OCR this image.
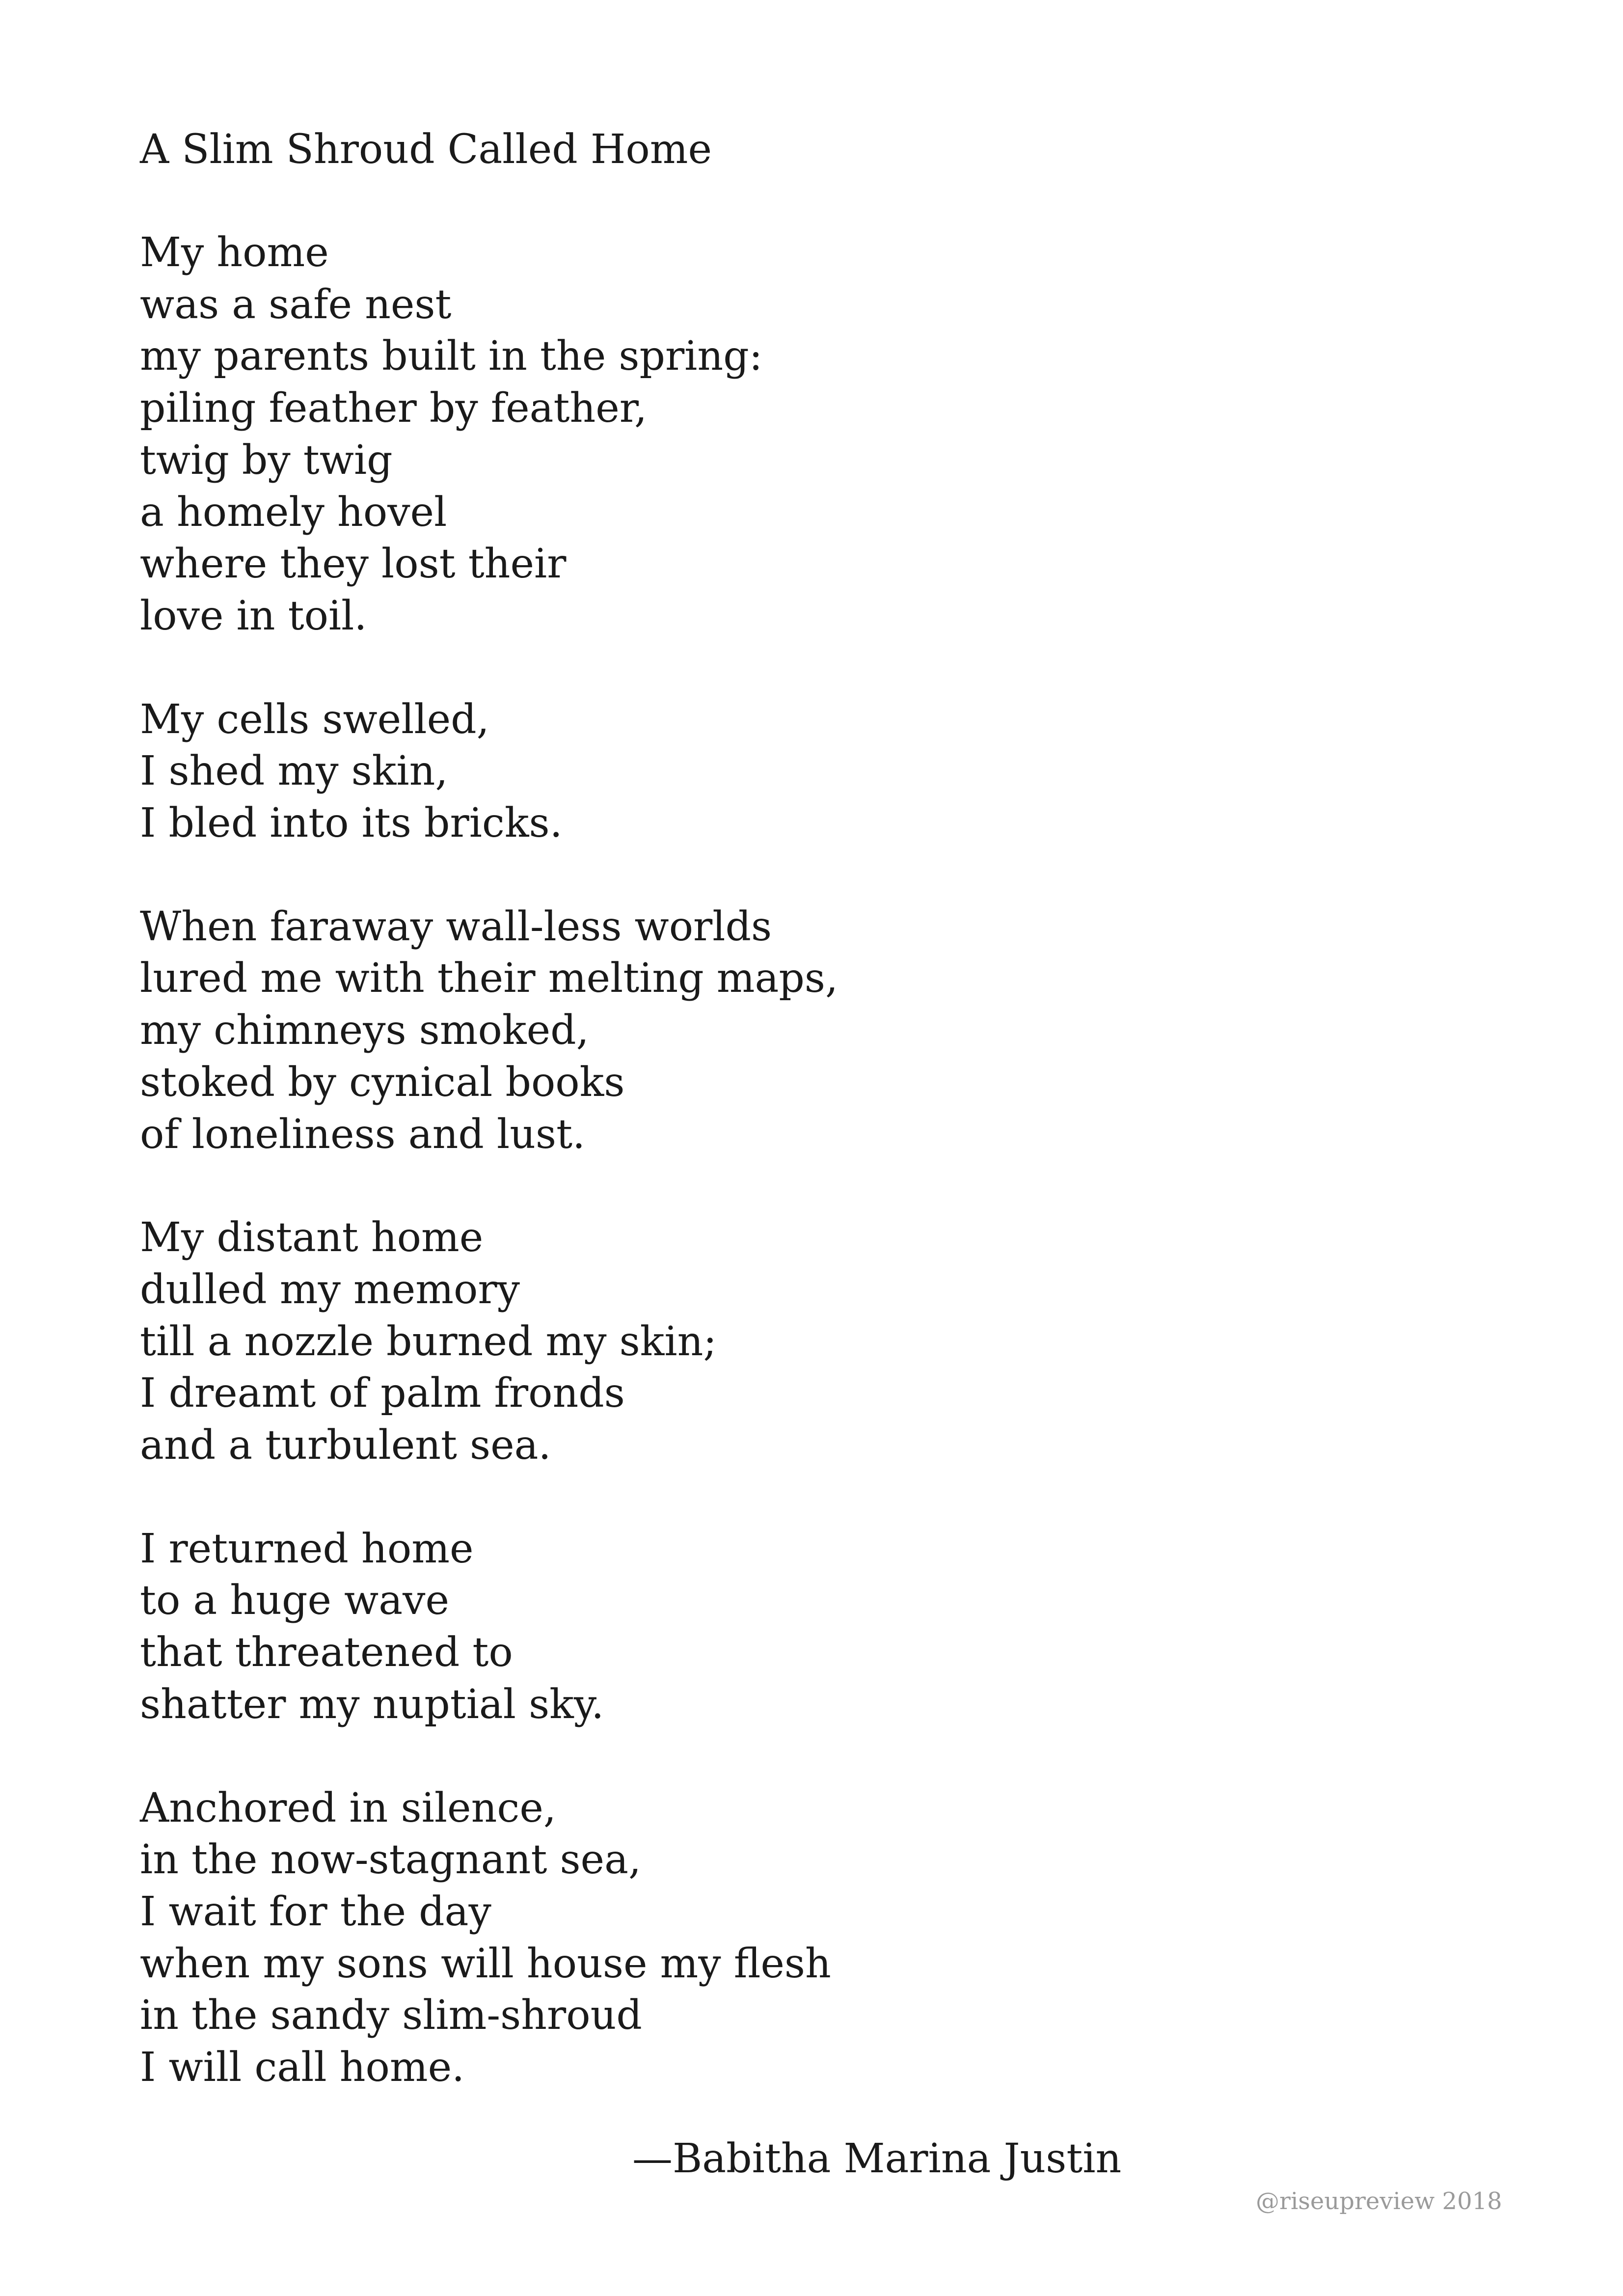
A Slim Shroud Called Home
My home
was a safe nest
my parents built in the spring:
piling feather by feather,
twig by twig
a homely hovel
where they lost their
love in toil.
My cells swelled,
I shed my skin,
I bled into its bricks.
When faraway wall-less worlds
lured me with their melting maps,
my chimneys smoked,
stoked by cynical books
of loneliness and lust.
My distant home
dulled my memory
till a nozzle burned my skin;
I dreamt of palm fronds
and a turbulent sea.
I returned home
to a huge wave
that threatened to
shatter my nuptial sky.
Anchored in silence,
in the now-stagnant sea,
I wait for the day
when my sons will house my flesh
in the sandy slim-shroud
I will call home.
—Babitha Marina Justin
@riseupreview 2018
